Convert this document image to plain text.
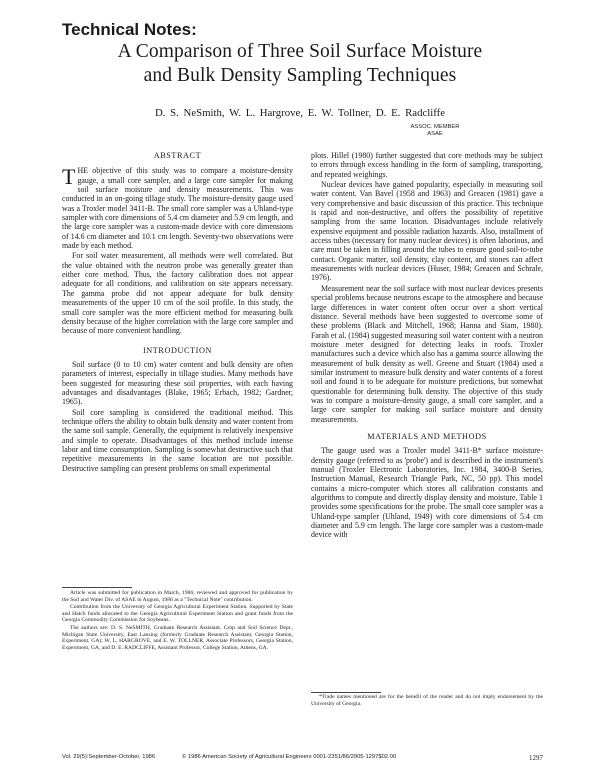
Technical Notes:
A Comparison of Three Soil Surface Moisture
and Bulk Density Sampling Techniques
D. S. NeSmith, W. L. Hargrove, E. W. Tollner, D. E. Radcliffe
ASSOC. MEMBER
ASAE
ABSTRACT

THE objective of this study was to compare a moisture-density gauge, a small core sampler, and a large core sampler for making soil surface moisture and density measurements. This was conducted in an on-going tillage study. The moisture-density gauge used was a Troxler model 3411-B. The small core sampler was a Uhland-type sampler with core dimensions of 5.4 cm diameter and 5.9 cm length, and the large core sampler was a custom-made device with core dimensions of 14.6 cm diameter and 10.1 cm length. Seventy-two observations were made by each method.

For soil water measurement, all methods were well correlated. But the value obtained with the neutron probe was generally greater than either core method. Thus, the factory calibration does not appear adequate for all conditions, and calibration on site appears necessary. The gamma probe did not appear adequate for bulk density measurements of the upper 10 cm of the soil profile. In this study, the small core sampler was the more efficient method for measuring bulk density because of the higher correlation with the large core sampler and because of more convenient handling.

INTRODUCTION

Soil surface (0 to 10 cm) water content and bulk density are often parameters of interest, especially in tillage studies. Many methods have been suggested for measuring these soil properties, with each having advantages and disadvantages (Blake, 1965; Erbach, 1982; Gardner, 1965).

Soil core sampling is considered the traditional method. This technique offers the ability to obtain bulk density and water content from the same soil sample. Generally, the equipment is relatively inexpensive and simple to operate. Disadvantages of this method include intense labor and time consumption. Sampling is somewhat destructive such that repetitive measurements in the same location are not possible. Destructive sampling can present problems on small experimental

Article was submitted for publication in March, 1986; reviewed and approved for publication by the Soil and Water Div. of ASAE in August, 1986 as a "Technical Note" contribution.

Contribution from the University of Georgia Agricultural Experiment Station. Supported by State and Hatch funds allocated to the Georgia Agricultural Experiment Station and grant funds from the Georgia Commodity Commission for Soybeans.

The authors are: D. S. NeSMITH, Graduate Research Assistant, Crop and Soil Science Dept., Michigan State University, East Lansing (formerly Graduate Research Assistant, Georgia Station, Experiment, GA); W. L. HARGROVE, and E. W. TOLLNER, Associate Professors, Georgia Station, Experiment, GA, and D. E. RADCLIFFE, Assistant Professor, College Station, Athens, GA.

plots. Hillel (1980) further suggested that core methods may be subject to errors through excess handling in the form of sampling, transporting, and repeated weighings.

Nuclear devices have gained popularity, especially in measuring soil water content. Van Bavel (1958 and 1963) and Greacen (1981) gave a very comprehensive and basic discussion of this practice. This technique is rapid and non-destructive, and offers the possibility of repetitive sampling from the same location. Disadvantages include relatively expensive equipment and possible radiation hazards. Also, installment of access tubes (necessary for many nuclear devices) is often laborious, and care must be taken in filling around the tubes to ensure good soil-to-tube contact. Organic matter, soil density, clay content, and stones can affect measurements with nuclear devices (Huser, 1984; Greacen and Schrale, 1976).

Measurement near the soil surface with most nuclear devices presents special problems because neutrons escape to the atmosphere and because large differences in water content often occur over a short vertical distance. Several methods have been suggested to overcome some of these problems (Black and Mitchell, 1968; Hanna and Siam, 1980). Farah et al. (1984) suggested measuring soil water content with a neutron moisture meter designed for detecting leaks in roofs. Troxler manufactures such a device which also has a gamma source allowing the measurement of bulk density as well. Greene and Stuart (1984) used a similar instrument to measure bulk density and water contents of a forest soil and found it to be adequate for moisture predictions, but somewhat questionable for determining bulk density. The objective of this study was to compare a moisture-density gauge, a small core sampler, and a large core sampler for making soil surface moisture and density measurements.

MATERIALS AND METHODS

The gauge used was a Troxler model 3411-B* surface moisture-density gauge (referred to as 'probe') and is described in the instrument's manual (Troxler Electronic Laboratories, Inc. 1984, 3400-B Series, Instruction Manual, Research Triangle Park, NC, 50 pp). This model contains a micro-computer which stores all calibration constants and algorithms to compute and directly display density and moisture. Table 1 provides some specifications for the probe. The small core sampler was a Uhland-type sampler (Uhland, 1949) with core dimensions of 5.4 cm diameter and 5.9 cm length. The large core sampler was a custom-made device with

*Trade names mentioned are for the benefit of the reader and do not imply endorsement by the University of Georgia.
Vol. 29(5):September-October, 1986	© 1986 American Society of Agricultural Engineers 0001-2351/86/2905-1297$02.00	1297
